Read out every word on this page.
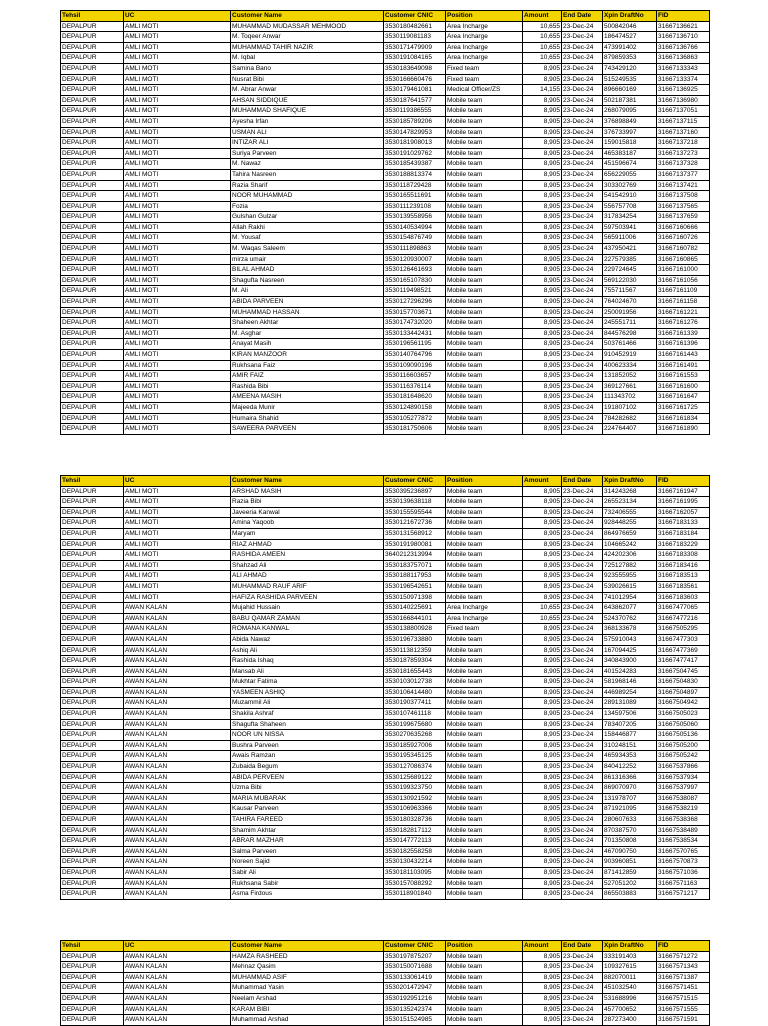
Tehsil	UC	Customer Name	Customer CNIC	Position	Amount	End Date	Xpin DraftNo	FID
DEPALPUR	AMLI MOTI	MUHAMMAD MUDASSAR MEHMOOD	3530180482661	Area Incharge	10,655	23-Dec-24	500842046	31667136621
DEPALPUR	AMLI MOTI	M. Toqeer Anwar	3530119081183	Area Incharge	10,655	23-Dec-24	186474527	31667136710
DEPALPUR	AMLI MOTI	MUHAMMAD TAHIR NAZIR	3530171479909	Area Incharge	10,655	23-Dec-24	473991402	31667136766
DEPALPUR	AMLI MOTI	M. Iqbal	3530191084165	Area Incharge	10,655	23-Dec-24	879859353	31667136863
DEPALPUR	AMLI MOTI	Samina Bano	3530183649098	Fixed team	8,905	23-Dec-24	743429120	31667133343
DEPALPUR	AMLI MOTI	Nusrat Bibi	3530166660476	Fixed team	8,905	23-Dec-24	515249535	31667133374
DEPALPUR	AMLI MOTI	M. Abrar Anwar	3530179461081	Medical Officer/ZS	14,155	23-Dec-24	896660169	31667136925
DEPALPUR	AMLI MOTI	AHSAN SIDDIQUE	3530187641577	Mobile team	8,905	23-Dec-24	502187381	31667136980
DEPALPUR	AMLI MOTI	MUHAMMAD SHAFIQUE	3530119386555	Mobile team	8,905	23-Dec-24	268079095	31667137051
DEPALPUR	AMLI MOTI	Ayesha Irfan	3530185789206	Mobile team	8,905	23-Dec-24	376898849	31667137115
DEPALPUR	AMLI MOTI	USMAN ALI	3530147829953	Mobile team	8,905	23-Dec-24	376733997	31667137160
DEPALPUR	AMLI MOTI	INTIZAR ALI	3530181908013	Mobile team	8,905	23-Dec-24	159015818	31667137218
DEPALPUR	AMLI MOTI	Suriya Parveen	3530191029762	Mobile team	8,905	23-Dec-24	465383187	31667137273
DEPALPUR	AMLI MOTI	M. Nawaz	3530185439387	Mobile team	8,905	23-Dec-24	451596674	31667137328
DEPALPUR	AMLI MOTI	Tahira Nasreen	3530188813374	Mobile team	8,905	23-Dec-24	656229055	31667137377
DEPALPUR	AMLI MOTI	Razia Sharif	3530118729428	Mobile team	8,905	23-Dec-24	303302769	31667137421
DEPALPUR	AMLI MOTI	NOOR MUHAMMAD	3530165511691	Mobile team	8,905	23-Dec-24	541542910	31667137508
DEPALPUR	AMLI MOTI	Fozia	3530111239108	Mobile team	8,905	23-Dec-24	556757708	31667137565
DEPALPUR	AMLI MOTI	Gulshan Gulzar	3530139558956	Mobile team	8,905	23-Dec-24	317834254	31667137659
DEPALPUR	AMLI MOTI	Allah Rakhi	3530140534994	Mobile team	8,905	23-Dec-24	597503941	31667160666
DEPALPUR	AMLI MOTI	M. Yousaf	3530154876749	Mobile team	8,905	23-Dec-24	565911006	31667160726
DEPALPUR	AMLI MOTI	M. Waqas Saleem	3530111898863	Mobile team	8,905	23-Dec-24	437950421	31667160782
DEPALPUR	AMLI MOTI	mirza umair	3530120930007	Mobile team	8,905	23-Dec-24	227579385	31667160865
DEPALPUR	AMLI MOTI	BILAL AHMAD	3530126461693	Mobile team	8,905	23-Dec-24	229724645	31667161000
DEPALPUR	AMLI MOTI	Shagufta Nasreen	3530165107830	Mobile team	8,905	23-Dec-24	569122030	31667161056
DEPALPUR	AMLI MOTI	M. Ali	3530119498521	Mobile team	8,905	23-Dec-24	755711567	31667161109
DEPALPUR	AMLI MOTI	ABIDA PARVEEN	3530127296296	Mobile team	8,905	23-Dec-24	764024670	31667161158
DEPALPUR	AMLI MOTI	MUHAMMAD HASSAN	3530157703671	Mobile team	8,905	23-Dec-24	250091956	31667161221
DEPALPUR	AMLI MOTI	Shaheen Akhtar	3530174732020	Mobile team	8,905	23-Dec-24	245551711	31667161276
DEPALPUR	AMLI MOTI	M. Asghar	3530133442431	Mobile team	8,905	23-Dec-24	844576298	31667161339
DEPALPUR	AMLI MOTI	Anayat Masih	3530196561195	Mobile team	8,905	23-Dec-24	503761466	31667161396
DEPALPUR	AMLI MOTI	KIRAN MANZOOR	3530140764796	Mobile team	8,905	23-Dec-24	910452919	31667161443
DEPALPUR	AMLI MOTI	Rukhsana Faiz	3530109090196	Mobile team	8,905	23-Dec-24	400623334	31667161491
DEPALPUR	AMLI MOTI	AMIR FAIZ	3530116603657	Mobile team	8,905	23-Dec-24	131852052	31667161553
DEPALPUR	AMLI MOTI	Rashida Bibi	3530116376114	Mobile team	8,905	23-Dec-24	369127661	31667161600
DEPALPUR	AMLI MOTI	AMEENA MASIH	3530181648620	Mobile team	8,905	23-Dec-24	111343702	31667161647
DEPALPUR	AMLI MOTI	Majeeda Munir	3530124890158	Mobile team	8,905	23-Dec-24	191807102	31667161725
DEPALPUR	AMLI MOTI	Humaira Shahid	3530105277872	Mobile team	8,905	23-Dec-24	784282682	31667161834
DEPALPUR	AMLI MOTI	SAWEERA PARVEEN	3530181750606	Mobile team	8,905	23-Dec-24	224764407	31667161890
Tehsil	UC	Customer Name	Customer CNIC	Position	Amount	End Date	Xpin DraftNo	FID
DEPALPUR	AMLI MOTI	ARSHAD MASIH	3530395236897	Mobile team	8,905	23-Dec-24	314243268	31667161947
DEPALPUR	AMLI MOTI	Razia Bibi	3530139638118	Mobile team	8,905	23-Dec-24	265523134	31667161995
DEPALPUR	AMLI MOTI	Javeeria Kanwal	3530155595544	Mobile team	8,905	23-Dec-24	732406555	31667162057
DEPALPUR	AMLI MOTI	Amina Yaqoob	3530121672736	Mobile team	8,905	23-Dec-24	928448255	31667183133
DEPALPUR	AMLI MOTI	Maryam	3530131568912	Mobile team	8,905	23-Dec-24	864976659	31667183184
DEPALPUR	AMLI MOTI	RIAZ AHMAD	3530191980081	Mobile team	8,905	23-Dec-24	104665242	31667183229
DEPALPUR	AMLI MOTI	RASHIDA AMEEN	3640212313994	Mobile team	8,905	23-Dec-24	424202306	31667183308
DEPALPUR	AMLI MOTI	Shahzad Ali	3530183757071	Mobile team	8,905	23-Dec-24	725127882	31667183416
DEPALPUR	AMLI MOTI	ALI AHMAD	3530188117953	Mobile team	8,905	23-Dec-24	923555955	31667183513
DEPALPUR	AMLI MOTI	MUHAMMAD RAUF ARIF	3530196542651	Mobile team	8,905	23-Dec-24	539026615	31667183561
DEPALPUR	AMLI MOTI	HAFIZA RASHIDA PARVEEN	3530150971398	Mobile team	8,905	23-Dec-24	741012954	31667183603
DEPALPUR	AWAN KALAN	Mujahid Hussain	3530140225691	Area Incharge	10,655	23-Dec-24	643862077	31667477065
DEPALPUR	AWAN KALAN	BABU QAMAR ZAMAN	3530166844101	Area Incharge	10,655	23-Dec-24	524370762	31667477216
DEPALPUR	AWAN KALAN	ROMANA KANWAL	3530138800928	Fixed team	8,905	23-Dec-24	368133678	31667505295
DEPALPUR	AWAN KALAN	Abida Nawaz	3530196733880	Mobile team	8,905	23-Dec-24	575910043	31667477303
DEPALPUR	AWAN KALAN	Ashiq Ali	3530113812359	Mobile team	8,905	23-Dec-24	167094425	31667477369
DEPALPUR	AWAN KALAN	Rashida Ishaq	3530187859304	Mobile team	8,905	23-Dec-24	340843900	31667477417
DEPALPUR	AWAN KALAN	Mansab Ali	3530181655443	Mobile team	8,905	23-Dec-24	401524283	31667504745
DEPALPUR	AWAN KALAN	Mukhtar Fatima	3530103012738	Mobile team	8,905	23-Dec-24	581968146	31667504830
DEPALPUR	AWAN KALAN	YASMEEN ASHIQ	3530106414480	Mobile team	8,905	23-Dec-24	446989254	31667504897
DEPALPUR	AWAN KALAN	Muzammil Ali	3530190377411	Mobile team	8,905	23-Dec-24	289131089	31667504942
DEPALPUR	AWAN KALAN	Shakila Ashraf	3530107461118	Mobile team	8,905	23-Dec-24	134597506	31667505023
DEPALPUR	AWAN KALAN	Shagufta Shaheen	3530199675680	Mobile team	8,905	23-Dec-24	783407205	31667505060
DEPALPUR	AWAN KALAN	NOOR UN NISSA	3530270635268	Mobile team	8,905	23-Dec-24	158446877	31667505136
DEPALPUR	AWAN KALAN	Bushra Parveen	3530185927006	Mobile team	8,905	23-Dec-24	310248151	31667505200
DEPALPUR	AWAN KALAN	Awais Ramzan	3530195345125	Mobile team	8,905	23-Dec-24	465934353	31667505242
DEPALPUR	AWAN KALAN	Zubaida Begum	3530127086374	Mobile team	8,905	23-Dec-24	840412252	31667537866
DEPALPUR	AWAN KALAN	ABIDA PERVEEN	3530125689122	Mobile team	8,905	23-Dec-24	861316366	31667537934
DEPALPUR	AWAN KALAN	Uzma Bibi	3530199323750	Mobile team	8,905	23-Dec-24	869070970	31667537997
DEPALPUR	AWAN KALAN	MARIA MUBARAK	3530130921592	Mobile team	8,905	23-Dec-24	131978707	31667538087
DEPALPUR	AWAN KALAN	Kausar Parveen	3530106963366	Mobile team	8,905	23-Dec-24	871921095	31667538219
DEPALPUR	AWAN KALAN	TAHIRA FAREED	3530180328736	Mobile team	8,905	23-Dec-24	280607633	31667538368
DEPALPUR	AWAN KALAN	Shamim Akhtar	3530182817112	Mobile team	8,905	23-Dec-24	870387570	31667538489
DEPALPUR	AWAN KALAN	ABRAR MAZHAR	3530147772113	Mobile team	8,905	23-Dec-24	701350808	31667538534
DEPALPUR	AWAN KALAN	Salma Parveen	3530182558258	Mobile team	8,905	23-Dec-24	467090750	31667570765
DEPALPUR	AWAN KALAN	Noreen Sajid	3530130432214	Mobile team	8,905	23-Dec-24	903960851	31667570873
DEPALPUR	AWAN KALAN	Sabir Ali	3530181103095	Mobile team	8,905	23-Dec-24	871412859	31667571036
DEPALPUR	AWAN KALAN	Rukhsana Sabir	3530157088292	Mobile team	8,905	23-Dec-24	527051202	31667571163
DEPALPUR	AWAN KALAN	Asma Firdous	3530118901840	Mobile team	8,905	23-Dec-24	865503883	31667571217
Tehsil	UC	Customer Name	Customer CNIC	Position	Amount	End Date	Xpin DraftNo	FID
DEPALPUR	AWAN KALAN	HAMZA RASHEED	3530197875207	Mobile team	8,905	23-Dec-24	333191403	31667571272
DEPALPUR	AWAN KALAN	Mehnaz Qasim	3530150071688	Mobile team	8,905	23-Dec-24	109327615	31667571343
DEPALPUR	AWAN KALAN	MUHAMMAD ASIF	3530133061419	Mobile team	8,905	23-Dec-24	882070011	31667571387
DEPALPUR	AWAN KALAN	Muhammad Yasin	3530201472947	Mobile team	8,905	23-Dec-24	451032540	31667571451
DEPALPUR	AWAN KALAN	Neelam Arshad	3530192951216	Mobile team	8,905	23-Dec-24	531688996	31667571515
DEPALPUR	AWAN KALAN	KARAM BIBI	3530135242374	Mobile team	8,905	23-Dec-24	457700652	31667571555
DEPALPUR	AWAN KALAN	Muhammad Arshad	3530151524985	Mobile team	8,905	23-Dec-24	287273400	31667571591
